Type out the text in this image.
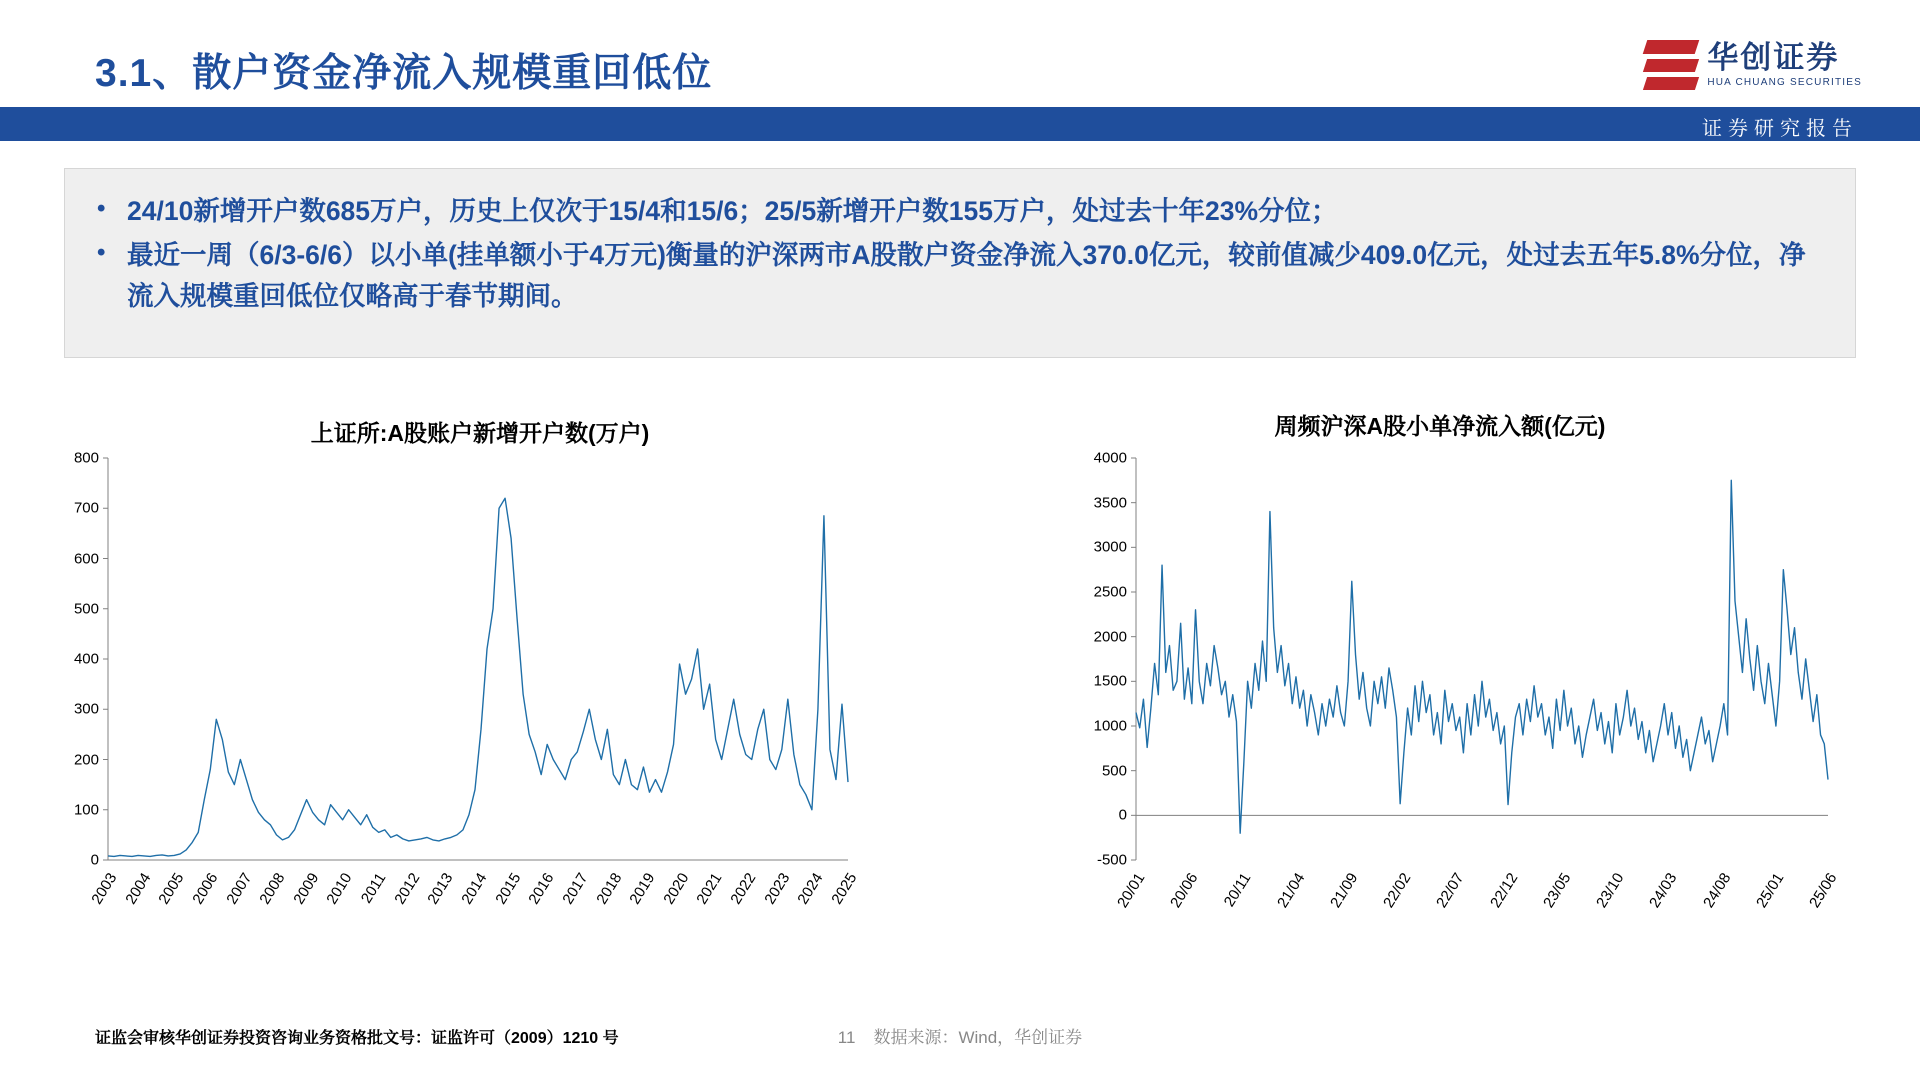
3.1、散户资金净流入规模重回低位	华创证券
HUA CHUANG SECURITIES
证券研究报告
• 24/10新增开户数685万户，历史上仅次于15/4和15/6；25/5新增开户数155万户，处过去十年23%分位；
• 最近一周（6/3-6/6）以小单(挂单额小于4万元)衡量的沪深两市A股散户资金净流入370.0亿元，较前值减少409.0亿元，处过去五年5.8%分位，净流入规模重回低位仅略高于春节期间。
上证所:A股账户新增开户数(万户)	周频沪深A股小单净流入额(亿元)
0
100
200
300
400
500
600
700
800
2003 2004 2005 2006 2007 2008 2009 2010 2011 2012 2013 2014 2015 2016 2017 2018 2019 2020 2021 2022 2023 2024 2025
-500
0
500
1000
1500
2000
2500
3000
3500
4000
20/01 20/06 20/11 21/04 21/09 22/02 22/07 22/12 23/05 23/10 24/03 24/08 25/01 25/06
证监会审核华创证券投资咨询业务资格批文号：证监许可（2009）1210 号	11 数据来源：Wind，华创证券
